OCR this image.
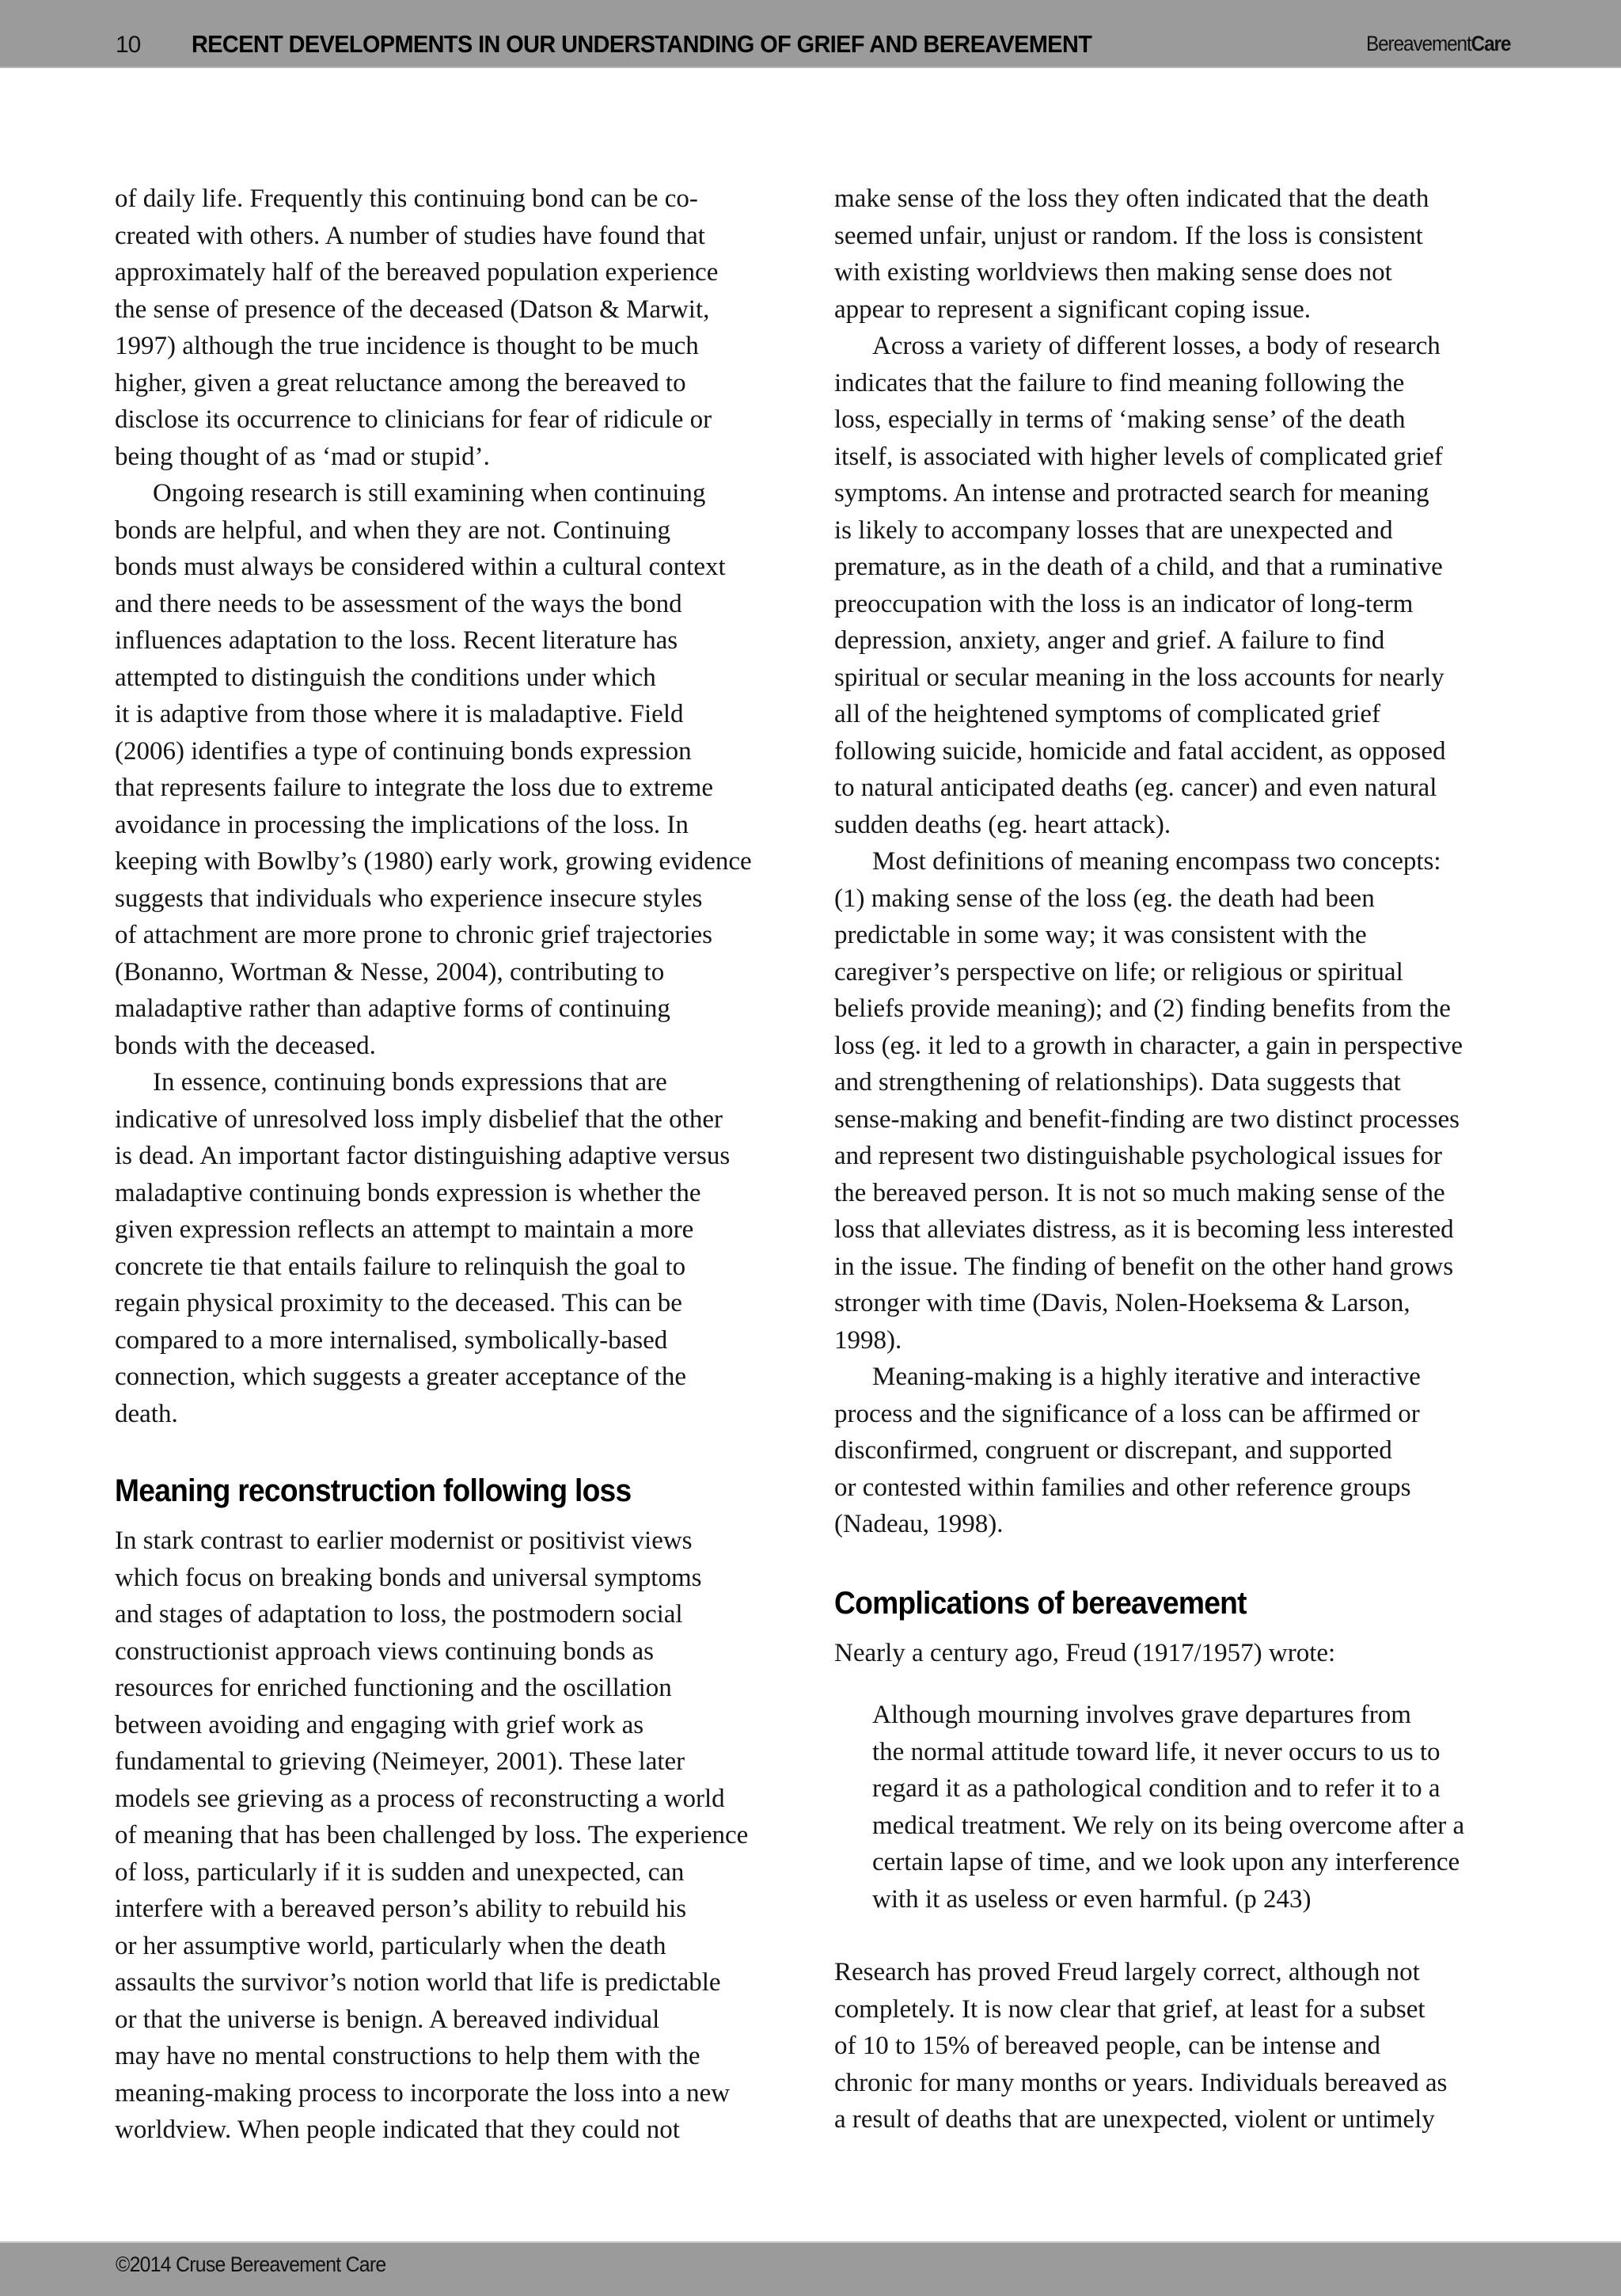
10 RECENT DEVELOPMENTS IN OUR UNDERSTANDING OF GRIEF AND BEREAVEMENT	BereavementCare
of daily life. Frequently this continuing bond can be co-
created with others. A number of studies have found that
approximately half of the bereaved population experience
the sense of presence of the deceased (Datson & Marwit,
1997) although the true incidence is thought to be much
higher, given a great reluctance among the bereaved to
disclose its occurrence to clinicians for fear of ridicule or
being thought of as ‘mad or stupid’.
Ongoing research is still examining when continuing
bonds are helpful, and when they are not. Continuing
bonds must always be considered within a cultural context
and there needs to be assessment of the ways the bond
influences adaptation to the loss. Recent literature has
attempted to distinguish the conditions under which
it is adaptive from those where it is maladaptive. Field
(2006) identifies a type of continuing bonds expression
that represents failure to integrate the loss due to extreme
avoidance in processing the implications of the loss. In
keeping with Bowlby’s (1980) early work, growing evidence
suggests that individuals who experience insecure styles
of attachment are more prone to chronic grief trajectories
(Bonanno, Wortman & Nesse, 2004), contributing to
maladaptive rather than adaptive forms of continuing
bonds with the deceased.
In essence, continuing bonds expressions that are
indicative of unresolved loss imply disbelief that the other
is dead. An important factor distinguishing adaptive versus
maladaptive continuing bonds expression is whether the
given expression reflects an attempt to maintain a more
concrete tie that entails failure to relinquish the goal to
regain physical proximity to the deceased. This can be
compared to a more internalised, symbolically-based
connection, which suggests a greater acceptance of the
death.
Meaning reconstruction following loss
In stark contrast to earlier modernist or positivist views
which focus on breaking bonds and universal symptoms
and stages of adaptation to loss, the postmodern social
constructionist approach views continuing bonds as
resources for enriched functioning and the oscillation
between avoiding and engaging with grief work as
fundamental to grieving (Neimeyer, 2001). These later
models see grieving as a process of reconstructing a world
of meaning that has been challenged by loss. The experience
of loss, particularly if it is sudden and unexpected, can
interfere with a bereaved person’s ability to rebuild his
or her assumptive world, particularly when the death
assaults the survivor’s notion world that life is predictable
or that the universe is benign. A bereaved individual
may have no mental constructions to help them with the
meaning-making process to incorporate the loss into a new
worldview. When people indicated that they could not
make sense of the loss they often indicated that the death
seemed unfair, unjust or random. If the loss is consistent
with existing worldviews then making sense does not
appear to represent a significant coping issue.
Across a variety of different losses, a body of research
indicates that the failure to find meaning following the
loss, especially in terms of ‘making sense’ of the death
itself, is associated with higher levels of complicated grief
symptoms. An intense and protracted search for meaning
is likely to accompany losses that are unexpected and
premature, as in the death of a child, and that a ruminative
preoccupation with the loss is an indicator of long-term
depression, anxiety, anger and grief. A failure to find
spiritual or secular meaning in the loss accounts for nearly
all of the heightened symptoms of complicated grief
following suicide, homicide and fatal accident, as opposed
to natural anticipated deaths (eg. cancer) and even natural
sudden deaths (eg. heart attack).
Most definitions of meaning encompass two concepts:
(1) making sense of the loss (eg. the death had been
predictable in some way; it was consistent with the
caregiver’s perspective on life; or religious or spiritual
beliefs provide meaning); and (2) finding benefits from the
loss (eg. it led to a growth in character, a gain in perspective
and strengthening of relationships). Data suggests that
sense-making and benefit-finding are two distinct processes
and represent two distinguishable psychological issues for
the bereaved person. It is not so much making sense of the
loss that alleviates distress, as it is becoming less interested
in the issue. The finding of benefit on the other hand grows
stronger with time (Davis, Nolen-Hoeksema & Larson,
1998).
Meaning-making is a highly iterative and interactive
process and the significance of a loss can be affirmed or
disconfirmed, congruent or discrepant, and supported
or contested within families and other reference groups
(Nadeau, 1998).
Complications of bereavement
Nearly a century ago, Freud (1917/1957) wrote:
Although mourning involves grave departures from
the normal attitude toward life, it never occurs to us to
regard it as a pathological condition and to refer it to a
medical treatment. We rely on its being overcome after a
certain lapse of time, and we look upon any interference
with it as useless or even harmful. (p 243)
Research has proved Freud largely correct, although not
completely. It is now clear that grief, at least for a subset
of 10 to 15% of bereaved people, can be intense and
chronic for many months or years. Individuals bereaved as
a result of deaths that are unexpected, violent or untimely
©2014 Cruse Bereavement Care
